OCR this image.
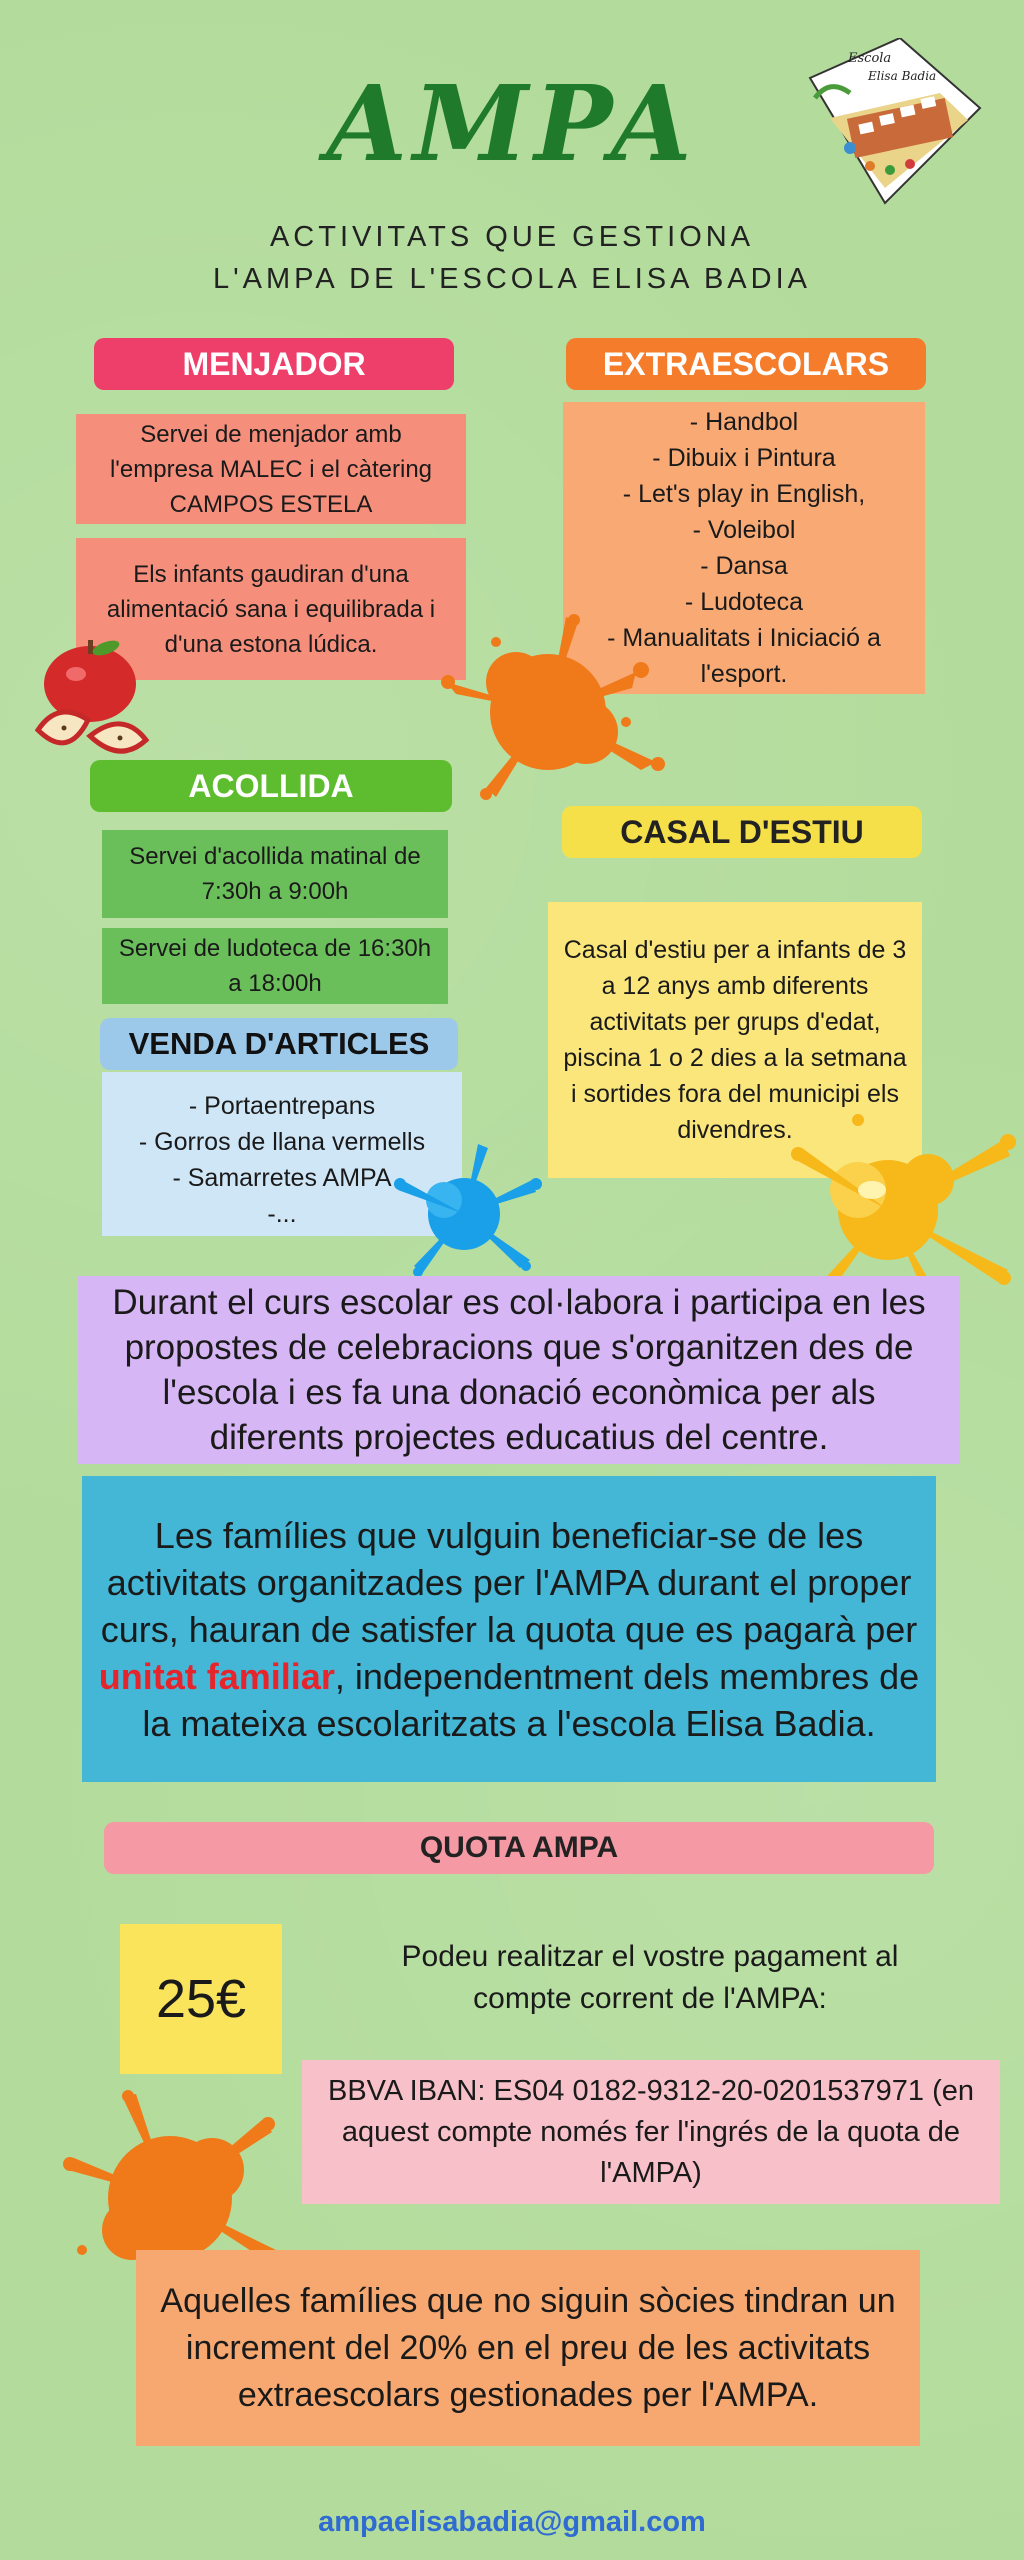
AMPA
Escola
Elisa Badia
ACTIVITATS QUE GESTIONA
L'AMPA DE L'ESCOLA ELISA BADIA
MENJADOR
Servei de menjador amb l'empresa MALEC i el càtering CAMPOS ESTELA
Els infants gaudiran d'una alimentació sana i equilibrada i d'una estona lúdica.
EXTRAESCOLARS
- Handbol
- Dibuix i Pintura
- Let's play in English,
- Voleibol
- Dansa
- Ludoteca
- Manualitats i Iniciació a
l'esport.
ACOLLIDA
Servei d'acollida matinal de 7:30h a 9:00h
Servei de ludoteca de 16:30h a 18:00h
CASAL D'ESTIU
Casal d'estiu per a infants de 3 a 12 anys amb diferents activitats per grups d'edat, piscina 1 o 2 dies a la setmana i sortides fora del municipi els divendres.
VENDA D'ARTICLES
- Portaentrepans
- Gorros de llana vermells
- Samarretes AMPA
-...
Durant el curs escolar es col·labora i participa en les propostes de celebracions que s'organitzen des de l'escola i es fa una donació econòmica per als diferents projectes educatius del centre.
Les famílies que vulguin beneficiar-se de les activitats organitzades per l'AMPA durant el proper curs, hauran de satisfer la quota que es pagarà per unitat familiar, independentment dels membres de la mateixa escolaritzats a l'escola Elisa Badia.
QUOTA AMPA
25€
Podeu realitzar el vostre pagament al compte corrent de l'AMPA:
BBVA IBAN: ES04 0182-9312-20-0201537971 (en aquest compte només fer l'ingrés de la quota de l'AMPA)
Aquelles famílies que no siguin sòcies tindran un increment del 20% en el preu de les activitats extraescolars gestionades per l'AMPA.
ampaelisabadia@gmail.com
